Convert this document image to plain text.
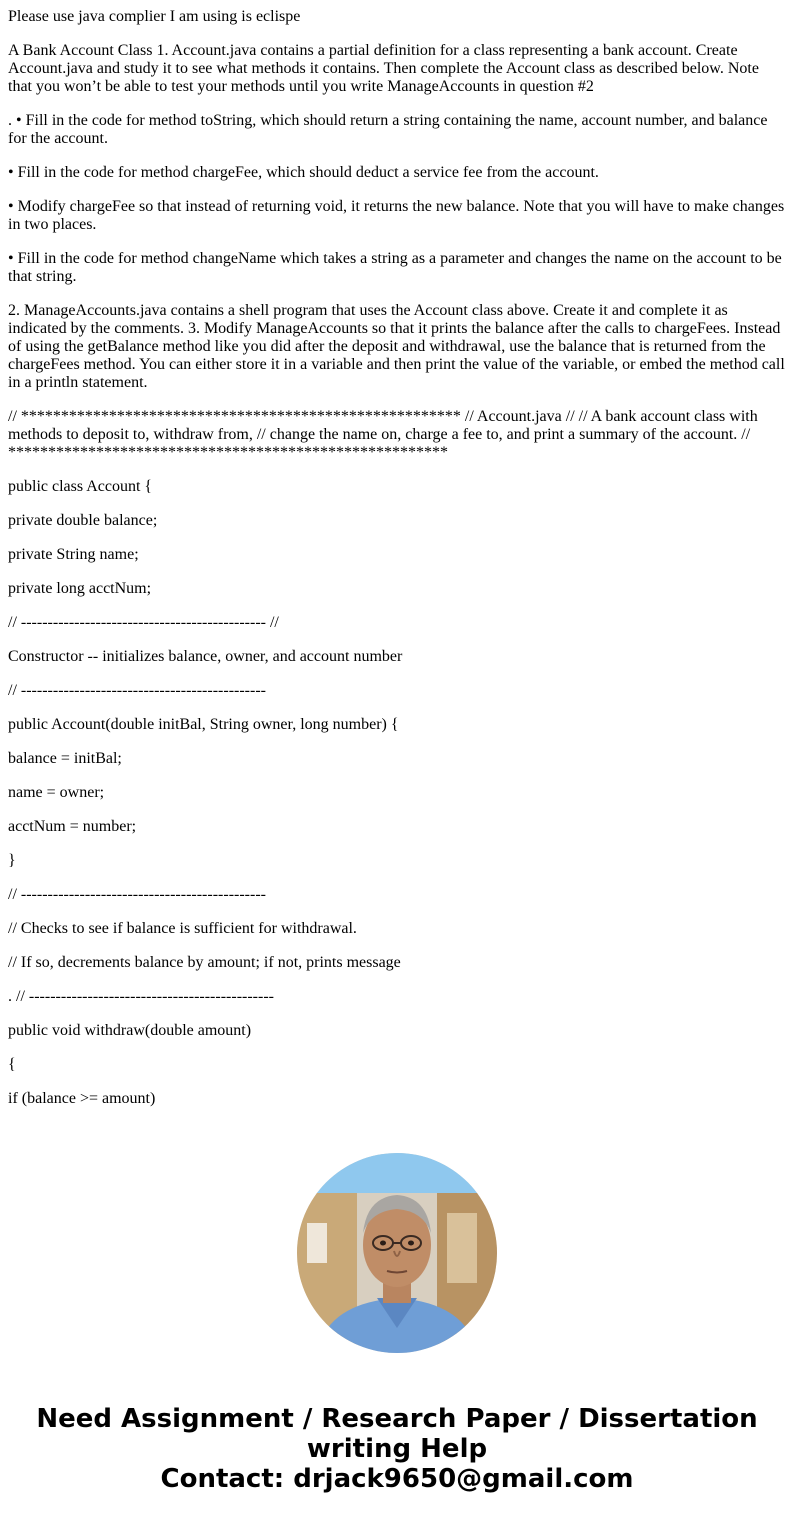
Please use java complier I am using is eclispe

A Bank Account Class 1. Account.java contains a partial definition for a class representing a bank account. Create Account.java and study it to see what methods it contains. Then complete the Account class as described below. Note that you won’t be able to test your methods until you write ManageAccounts in question #2

. • Fill in the code for method toString, which should return a string containing the name, account number, and balance for the account.

• Fill in the code for method chargeFee, which should deduct a service fee from the account.

• Modify chargeFee so that instead of returning void, it returns the new balance. Note that you will have to make changes in two places.

• Fill in the code for method changeName which takes a string as a parameter and changes the name on the account to be that string.

2. ManageAccounts.java contains a shell program that uses the Account class above. Create it and complete it as indicated by the comments. 3. Modify ManageAccounts so that it prints the balance after the calls to chargeFees. Instead of using the getBalance method like you did after the deposit and withdrawal, use the balance that is returned from the chargeFees method. You can either store it in a variable and then print the value of the variable, or embed the method call in a println statement.

// ******************************************************* // Account.java // // A bank account class with methods to deposit to, withdraw from, // change the name on, charge a fee to, and print a summary of the account. // *******************************************************

public class Account {

private double balance;

private String name;

private long acctNum;

// ---------------------------------------------- //

Constructor -- initializes balance, owner, and account number

// ----------------------------------------------

public Account(double initBal, String owner, long number) {

balance = initBal;

name = owner;

acctNum = number;

}

// ----------------------------------------------

// Checks to see if balance is sufficient for withdrawal.

// If so, decrements balance by amount; if not, prints message

. // ----------------------------------------------

public void withdraw(double amount)

{

if (balance >= amount)

Need Assignment / Research Paper / Dissertation
writing Help
Contact: drjack9650@gmail.com
